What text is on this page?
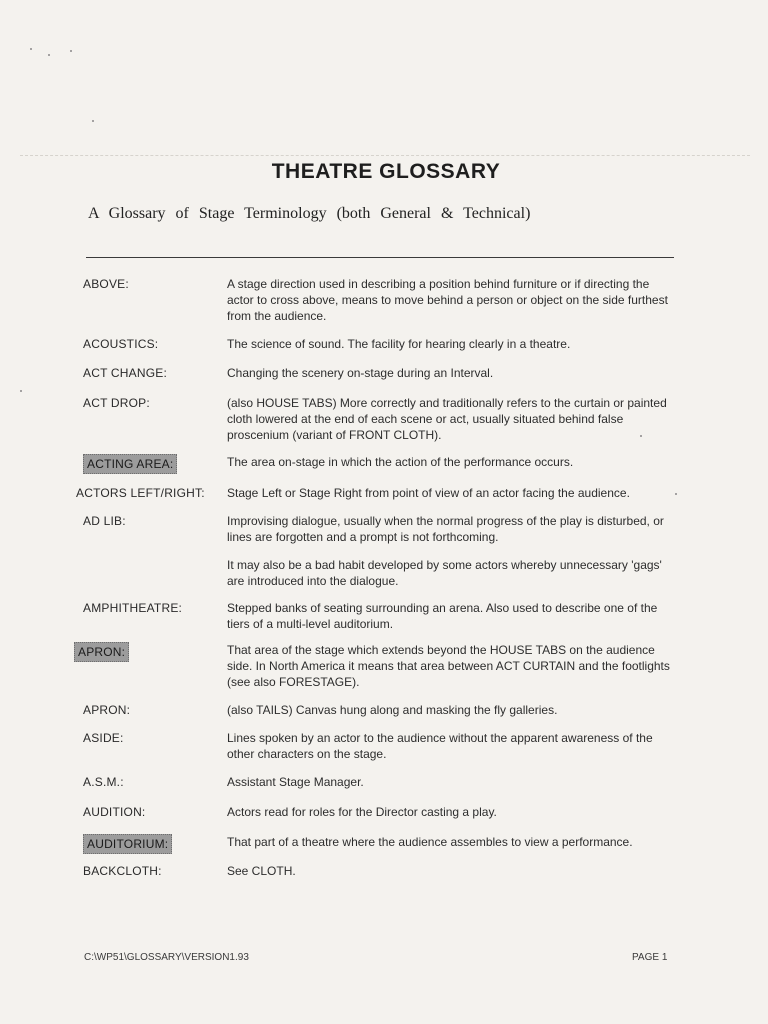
THEATRE GLOSSARY
A Glossary of Stage Terminology (both General & Technical)
ABOVE:	A stage direction used in describing a position behind furniture or if directing the actor to cross above, means to move behind a person or object on the side furthest from the audience.

ACOUSTICS:	The science of sound. The facility for hearing clearly in a theatre.

ACT CHANGE:	Changing the scenery on-stage during an Interval.

ACT DROP:	(also HOUSE TABS) More correctly and traditionally refers to the curtain or painted cloth lowered at the end of each scene or act, usually situated behind false proscenium (variant of FRONT CLOTH).

ACTING AREA:	The area on-stage in which the action of the performance occurs.

ACTORS LEFT/RIGHT: Stage Left or Stage Right from point of view of an actor facing the audience.

AD LIB:	Improvising dialogue, usually when the normal progress of the play is disturbed, or lines are forgotten and a prompt is not forthcoming.

It may also be a bad habit developed by some actors whereby unnecessary 'gags' are introduced into the dialogue.

AMPHITHEATRE:	Stepped banks of seating surrounding an arena. Also used to describe one of the tiers of a multi-level auditorium.

APRON:	That area of the stage which extends beyond the HOUSE TABS on the audience side. In North America it means that area between ACT CURTAIN and the footlights (see also FORESTAGE).

APRON:	(also TAILS) Canvas hung along and masking the fly galleries.

ASIDE:	Lines spoken by an actor to the audience without the apparent awareness of the other characters on the stage.

A.S.M.:	Assistant Stage Manager.

AUDITION:	Actors read for roles for the Director casting a play.

AUDITORIUM:	That part of a theatre where the audience assembles to view a performance.

BACKCLOTH:	See CLOTH.

C:\WP51\GLOSSARY\VERSION1.93	PAGE 1
